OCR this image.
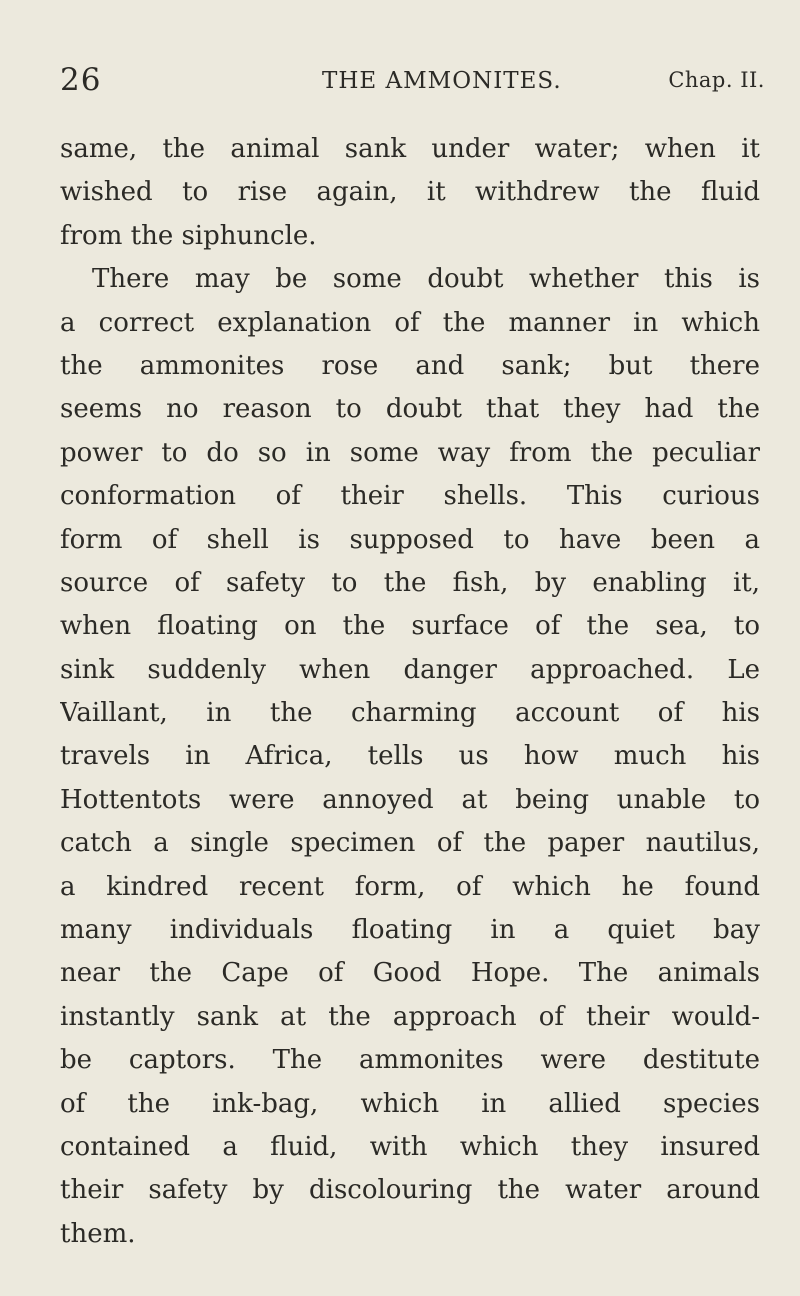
26	THE AMMONITES.	Chap. II.
same, the animal sank under water; when it
wished to rise again, it withdrew the fluid
from the siphuncle.
There may be some doubt whether this is
a correct explanation of the manner in which
the ammonites rose and sank; but there
seems no reason to doubt that they had the
power to do so in some way from the peculiar
conformation of their shells. This curious
form of shell is supposed to have been a
source of safety to the fish, by enabling it,
when floating on the surface of the sea, to
sink suddenly when danger approached. Le
Vaillant, in the charming account of his
travels in Africa, tells us how much his
Hottentots were annoyed at being unable to
catch a single specimen of the paper nautilus,
a kindred recent form, of which he found
many individuals floating in a quiet bay
near the Cape of Good Hope. The animals
instantly sank at the approach of their would-
be captors. The ammonites were destitute
of the ink-bag, which in allied species
contained a fluid, with which they insured
their safety by discolouring the water around
them.
